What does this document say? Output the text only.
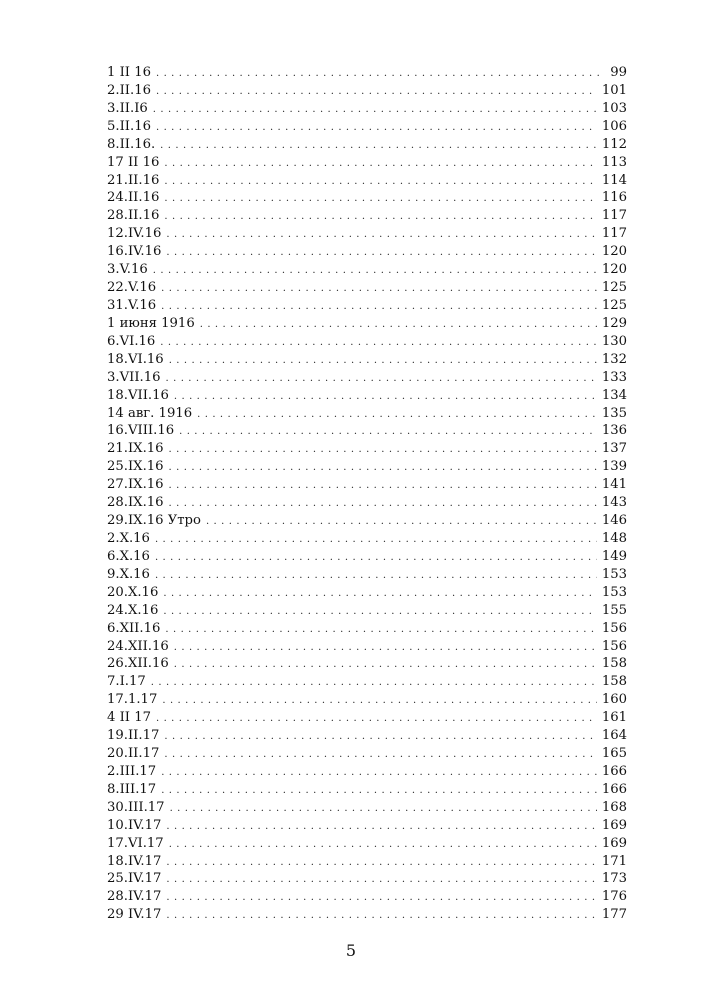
1 II 16 . . .	99
2.II.16 . . .	101
3.II.I6 . . .	103
5.II.16 . . .	106
8.II.16. . . .	112
17 II 16 . . .	113
21.II.16 . . .	114
24.II.16 . . .	116
28.II.16 . . .	117
12.IV.16 . . .	117
16.IV.16 . . .	120
3.V.16 . . .	120
22.V.16 . . .	125
31.V.16 . . .	125
1 июня 1916 . . .	129
6.VI.16 . . .	130
18.VI.16 . . .	132
3.VII.16 . . .	133
18.VII.16 . . .	134
14 авг. 1916 . . .	135
16.VIII.16 . . .	136
21.IX.16 . . .	137
25.IX.16 . . .	139
27.IX.16 . . .	141
28.IX.16 . . .	143
29.IX.16 Утро . . .	146
2.X.16 . . .	148
6.X.16 . . .	149
9.X.16 . . .	153
20.X.16 . . .	153
24.X.16 . . .	155
6.XII.16 . . .	156
24.XII.16 . . .	156
26.XII.16 . . .	158
7.I.17 . . .	158
17.1.17 . . .	160
4 II 17 . . .	161
19.II.17 . . .	164
20.II.17 . . .	165
2.III.17 . . .	166
8.III.17 . . .	166
30.III.17 . . .	168
10.IV.17 . . .	169
17.VI.17 . . .	169
18.IV.17 . . .	171
25.IV.17 . . .	173
28.IV.17 . . .	176
29 IV.17 . . .	177
5
